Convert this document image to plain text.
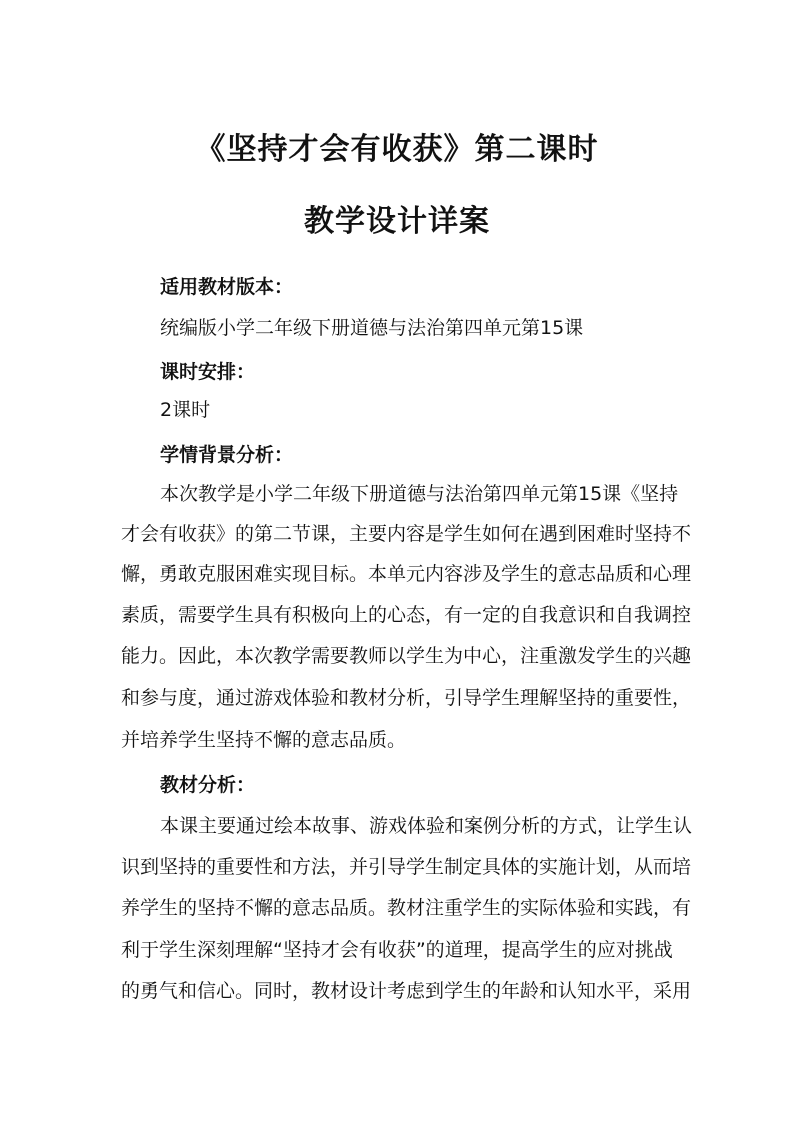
《坚持才会有收获》第二课时
教学设计详案

适用教材版本：

统编版小学二年级下册道德与法治第四单元第15课

课时安排：

2课时

学情背景分析：

本次教学是小学二年级下册道德与法治第四单元第15课《坚持

才会有收获》的第二节课，主要内容是学生如何在遇到困难时坚持不

懈，勇敢克服困难实现目标。本单元内容涉及学生的意志品质和心理

素质，需要学生具有积极向上的心态，有一定的自我意识和自我调控

能力。因此，本次教学需要教师以学生为中心，注重激发学生的兴趣

和参与度，通过游戏体验和教材分析，引导学生理解坚持的重要性，

并培养学生坚持不懈的意志品质。

教材分析：

本课主要通过绘本故事、游戏体验和案例分析的方式，让学生认

识到坚持的重要性和方法，并引导学生制定具体的实施计划，从而培

养学生的坚持不懈的意志品质。教材注重学生的实际体验和实践，有

利于学生深刻理解“坚持才会有收获”的道理，提高学生的应对挑战

的勇气和信心。同时，教材设计考虑到学生的年龄和认知水平，采用
